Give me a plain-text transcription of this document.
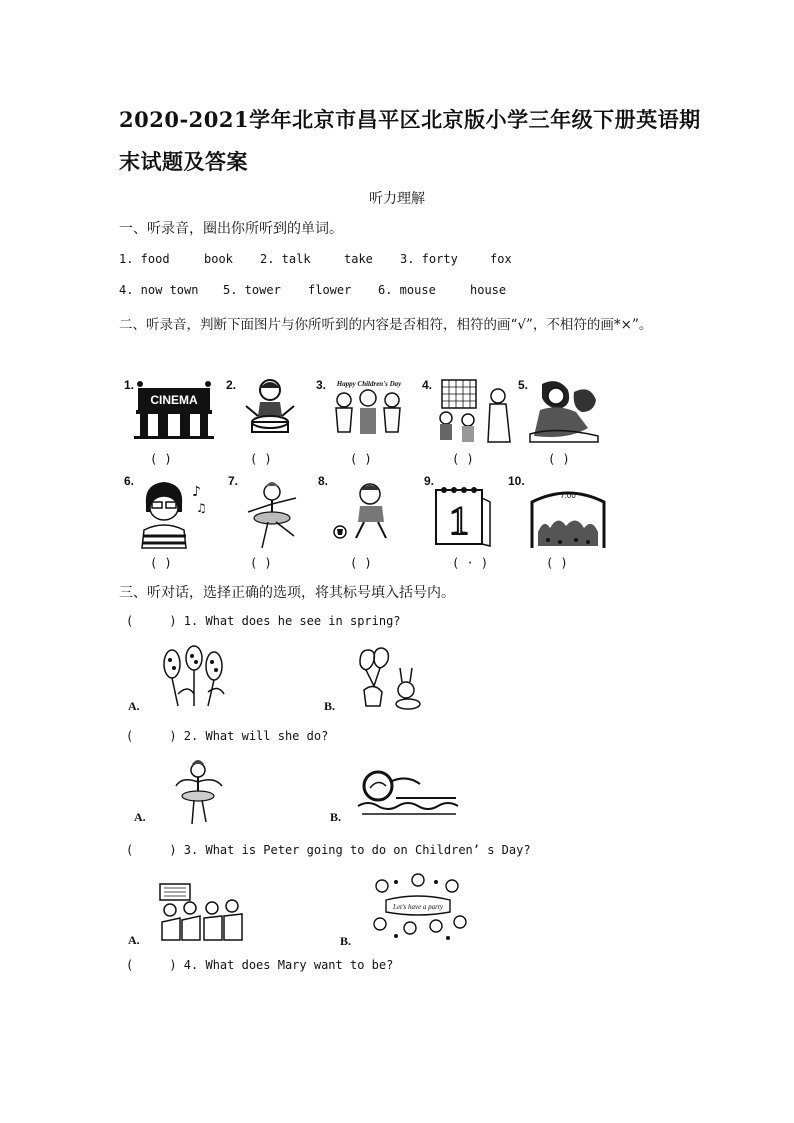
2020-2021学年北京市昌平区北京版小学三年级下册英语期
末试题及答案
听力理解
一、听录音，圈出你所听到的单词。
1. food	book 2. talk	take 3. forty	fox
4. now town 5. tower flower 6. mouse	house
二、听录音，判断下面图片与你所听到的内容是否相符，相符的画“√”，不相符的画*×”。
1.
CINEMA
( )
2.
( )
3. Happy Children's Day
( )
4.
( )
5.
( )
6.
♪
♫
( )
7.
( )
8.
( )
9.
1
( · )
10.
7:00
( )
三、听对话，选择正确的选项，将其标号填入括号内。
(     ) 1. What does he see in spring?
A.	B.
(     ) 2. What will she do?
A.	B.
(     ) 3. What is Peter going to do on Children’ s Day?
A.	B.
Let's have a party
(     ) 4. What does Mary want to be?
